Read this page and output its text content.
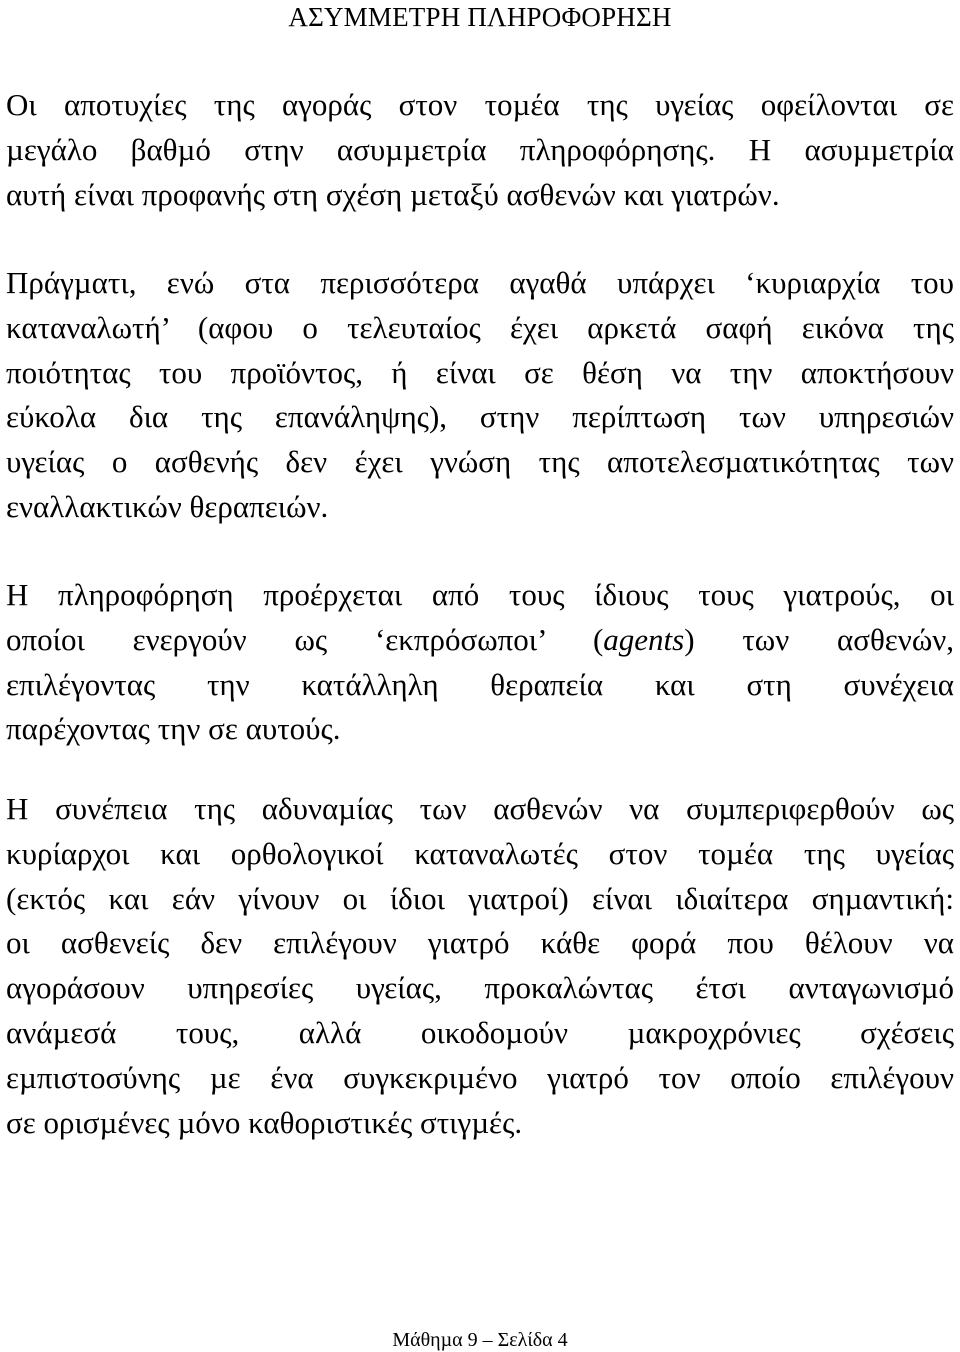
ΑΣΥΜΜΕΤΡΗ ΠΛΗΡΟΦΟΡΗΣΗ
Οι αποτυχίες της αγοράς στον τοµέα της υγείας οφείλονται σε
µεγάλο βαθµό στην ασυµµετρία πληροφόρησης. Η ασυµµετρία
αυτή είναι προφανής στη σχέση µεταξύ ασθενών και γιατρών.
Πράγµατι, ενώ στα περισσότερα αγαθά υπάρχει ‘κυριαρχία του
καταναλωτή’ (αφου ο τελευταίος έχει αρκετά σαφή εικόνα της
ποιότητας του προϊόντος, ή είναι σε θέση να την αποκτήσουν
εύκολα δια της επανάληψης), στην περίπτωση των υπηρεσιών
υγείας ο ασθενής δεν έχει γνώση της αποτελεσµατικότητας των
εναλλακτικών θεραπειών.
Η πληροφόρηση προέρχεται από τους ίδιους τους γιατρούς, οι
οποίοι ενεργούν ως ‘εκπρόσωποι’ (agents) των ασθενών,
επιλέγοντας την κατάλληλη θεραπεία και στη συνέχεια
παρέχοντας την σε αυτούς.
Η συνέπεια της αδυναµίας των ασθενών να συµπεριφερθούν ως
κυρίαρχοι και ορθολογικοί καταναλωτές στον τοµέα της υγείας
(εκτός και εάν γίνουν οι ίδιοι γιατροί) είναι ιδιαίτερα σηµαντική:
οι ασθενείς δεν επιλέγουν γιατρό κάθε φορά που θέλουν να
αγοράσουν υπηρεσίες υγείας, προκαλώντας έτσι ανταγωνισµό
ανάµεσά τους, αλλά οικοδοµούν µακροχρόνιες σχέσεις
εµπιστοσύνης µε ένα συγκεκριµένο γιατρό τον οποίο επιλέγουν
σε ορισµένες µόνο καθοριστικές στιγµές.
Μάθηµα 9 – Σελίδα 4
